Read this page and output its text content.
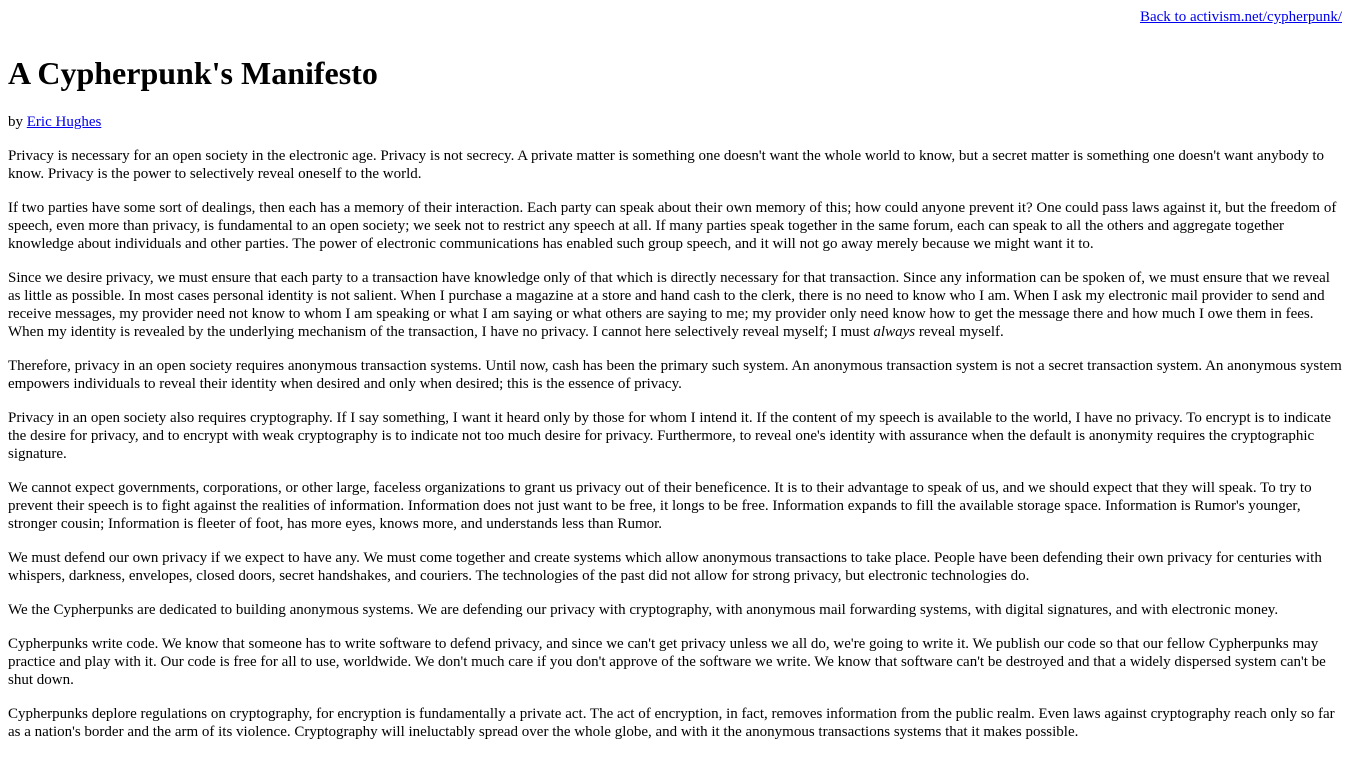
Back to activism.net/cypherpunk/
A Cypherpunk's Manifesto

by Eric Hughes

Privacy is necessary for an open society in the electronic age. Privacy is not secrecy. A private matter is something one doesn't want the whole world to know, but a secret matter is something one doesn't want anybody to know. Privacy is the power to selectively reveal oneself to the world.

If two parties have some sort of dealings, then each has a memory of their interaction. Each party can speak about their own memory of this; how could anyone prevent it? One could pass laws against it, but the freedom of speech, even more than privacy, is fundamental to an open society; we seek not to restrict any speech at all. If many parties speak together in the same forum, each can speak to all the others and aggregate together knowledge about individuals and other parties. The power of electronic communications has enabled such group speech, and it will not go away merely because we might want it to.

Since we desire privacy, we must ensure that each party to a transaction have knowledge only of that which is directly necessary for that transaction. Since any information can be spoken of, we must ensure that we reveal as little as possible. In most cases personal identity is not salient. When I purchase a magazine at a store and hand cash to the clerk, there is no need to know who I am. When I ask my electronic mail provider to send and receive messages, my provider need not know to whom I am speaking or what I am saying or what others are saying to me; my provider only need know how to get the message there and how much I owe them in fees. When my identity is revealed by the underlying mechanism of the transaction, I have no privacy. I cannot here selectively reveal myself; I must always reveal myself.

Therefore, privacy in an open society requires anonymous transaction systems. Until now, cash has been the primary such system. An anonymous transaction system is not a secret transaction system. An anonymous system empowers individuals to reveal their identity when desired and only when desired; this is the essence of privacy.

Privacy in an open society also requires cryptography. If I say something, I want it heard only by those for whom I intend it. If the content of my speech is available to the world, I have no privacy. To encrypt is to indicate the desire for privacy, and to encrypt with weak cryptography is to indicate not too much desire for privacy. Furthermore, to reveal one's identity with assurance when the default is anonymity requires the cryptographic signature.

We cannot expect governments, corporations, or other large, faceless organizations to grant us privacy out of their beneficence. It is to their advantage to speak of us, and we should expect that they will speak. To try to prevent their speech is to fight against the realities of information. Information does not just want to be free, it longs to be free. Information expands to fill the available storage space. Information is Rumor's younger, stronger cousin; Information is fleeter of foot, has more eyes, knows more, and understands less than Rumor.

We must defend our own privacy if we expect to have any. We must come together and create systems which allow anonymous transactions to take place. People have been defending their own privacy for centuries with whispers, darkness, envelopes, closed doors, secret handshakes, and couriers. The technologies of the past did not allow for strong privacy, but electronic technologies do.

We the Cypherpunks are dedicated to building anonymous systems. We are defending our privacy with cryptography, with anonymous mail forwarding systems, with digital signatures, and with electronic money.

Cypherpunks write code. We know that someone has to write software to defend privacy, and since we can't get privacy unless we all do, we're going to write it. We publish our code so that our fellow Cypherpunks may practice and play with it. Our code is free for all to use, worldwide. We don't much care if you don't approve of the software we write. We know that software can't be destroyed and that a widely dispersed system can't be shut down.

Cypherpunks deplore regulations on cryptography, for encryption is fundamentally a private act. The act of encryption, in fact, removes information from the public realm. Even laws against cryptography reach only so far as a nation's border and the arm of its violence. Cryptography will ineluctably spread over the whole globe, and with it the anonymous transactions systems that it makes possible.
